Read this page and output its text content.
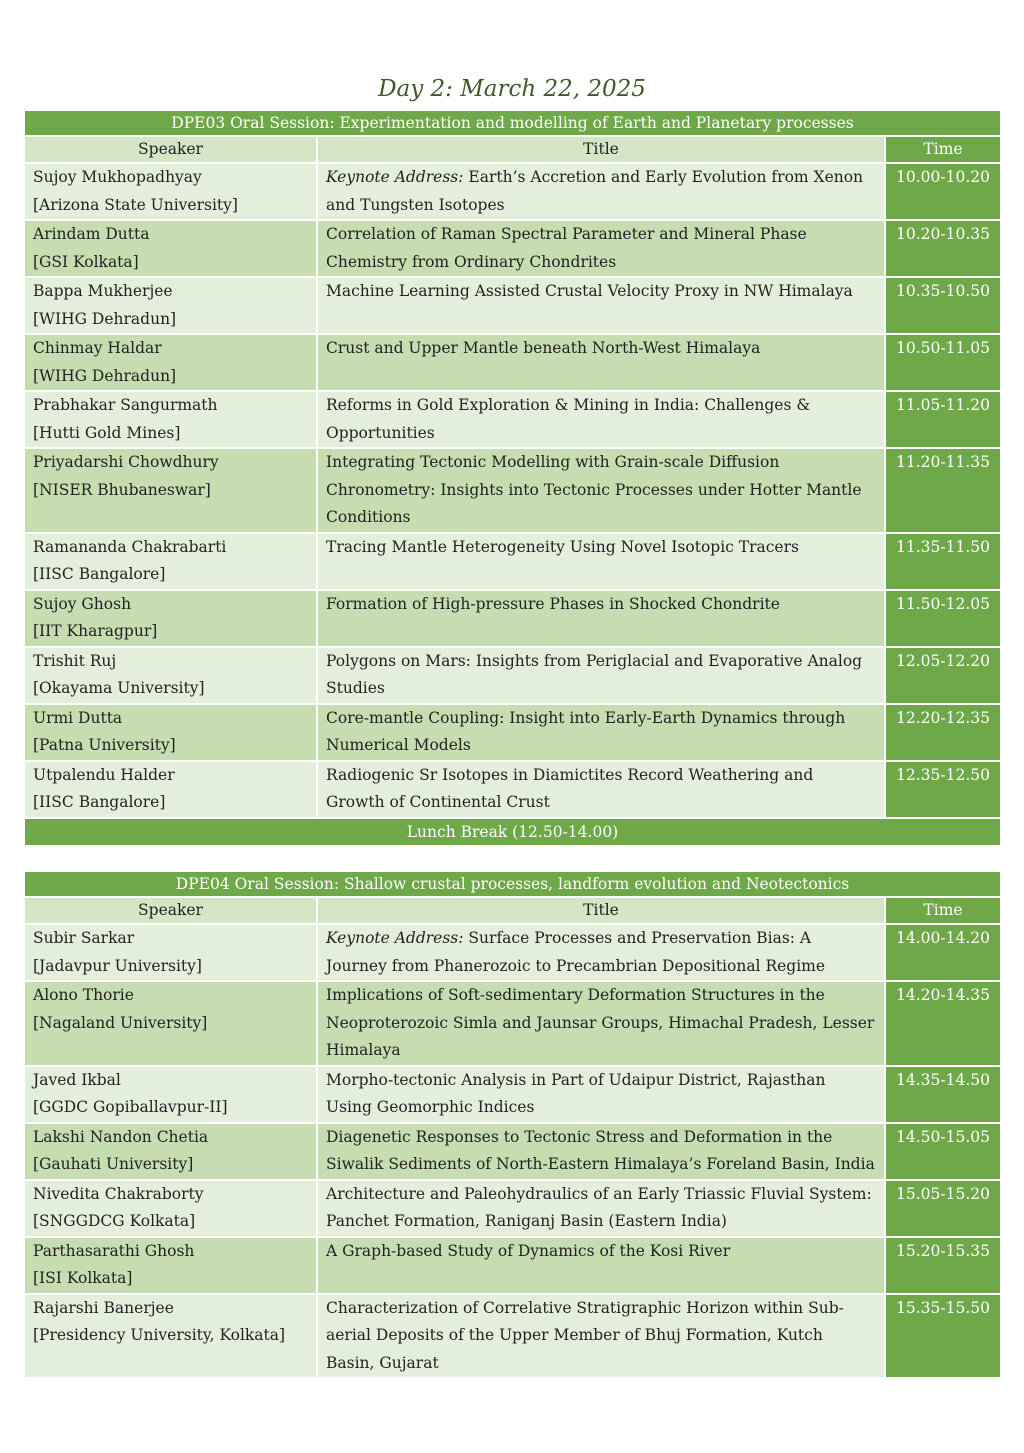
Day 2: March 22, 2025
DPE03 Oral Session: Experimentation and modelling of Earth and Planetary processes		
Speaker	Title	Time

Sujoy Mukhopadhyay
[Arizona State University]	Keynote Address: Earth’s Accretion and Early Evolution from Xenon and Tungsten Isotopes	10.00-10.20

Arindam Dutta
[GSI Kolkata]	Correlation of Raman Spectral Parameter and Mineral Phase Chemistry from Ordinary Chondrites	10.20-10.35

Bappa Mukherjee
[WIHG Dehradun]	Machine Learning Assisted Crustal Velocity Proxy in NW Himalaya	10.35-10.50

Chinmay Haldar
[WIHG Dehradun]	Crust and Upper Mantle beneath North-West Himalaya	10.50-11.05

Prabhakar Sangurmath
[Hutti Gold Mines]	Reforms in Gold Exploration & Mining in India: Challenges & Opportunities	11.05-11.20

Priyadarshi Chowdhury
[NISER Bhubaneswar]	Integrating Tectonic Modelling with Grain-scale Diffusion Chronometry: Insights into Tectonic Processes under Hotter Mantle Conditions	11.20-11.35

Ramananda Chakrabarti
[IISC Bangalore]	Tracing Mantle Heterogeneity Using Novel Isotopic Tracers	11.35-11.50

Sujoy Ghosh
[IIT Kharagpur]	Formation of High-pressure Phases in Shocked Chondrite	11.50-12.05

Trishit Ruj
[Okayama University]	Polygons on Mars: Insights from Periglacial and Evaporative Analog Studies	12.05-12.20

Urmi Dutta
[Patna University]	Core-mantle Coupling: Insight into Early-Earth Dynamics through Numerical Models	12.20-12.35

Utpalendu Halder
[IISC Bangalore]	Radiogenic Sr Isotopes in Diamictites Record Weathering and Growth of Continental Crust	12.35-12.50
Lunch Break (12.50-14.00)		
DPE04 Oral Session: Shallow crustal processes, landform evolution and Neotectonics		
Speaker	Title	Time

Subir Sarkar
[Jadavpur University]	Keynote Address: Surface Processes and Preservation Bias: A Journey from Phanerozoic to Precambrian Depositional Regime	14.00-14.20

Alono Thorie
[Nagaland University]	Implications of Soft-sedimentary Deformation Structures in the Neoproterozoic Simla and Jaunsar Groups, Himachal Pradesh, Lesser Himalaya	14.20-14.35

Javed Ikbal
[GGDC Gopiballavpur-II]	Morpho-tectonic Analysis in Part of Udaipur District, Rajasthan Using Geomorphic Indices	14.35-14.50

Lakshi Nandon Chetia
[Gauhati University]	Diagenetic Responses to Tectonic Stress and Deformation in the Siwalik Sediments of North-Eastern Himalaya’s Foreland Basin, India	14.50-15.05

Nivedita Chakraborty
[SNGGDCG Kolkata]	Architecture and Paleohydraulics of an Early Triassic Fluvial System: Panchet Formation, Raniganj Basin (Eastern India)	15.05-15.20

Parthasarathi Ghosh
[ISI Kolkata]	A Graph-based Study of Dynamics of the Kosi River	15.20-15.35

Rajarshi Banerjee
[Presidency University, Kolkata]	Characterization of Correlative Stratigraphic Horizon within Sub-aerial Deposits of the Upper Member of Bhuj Formation, Kutch Basin, Gujarat	15.35-15.50
